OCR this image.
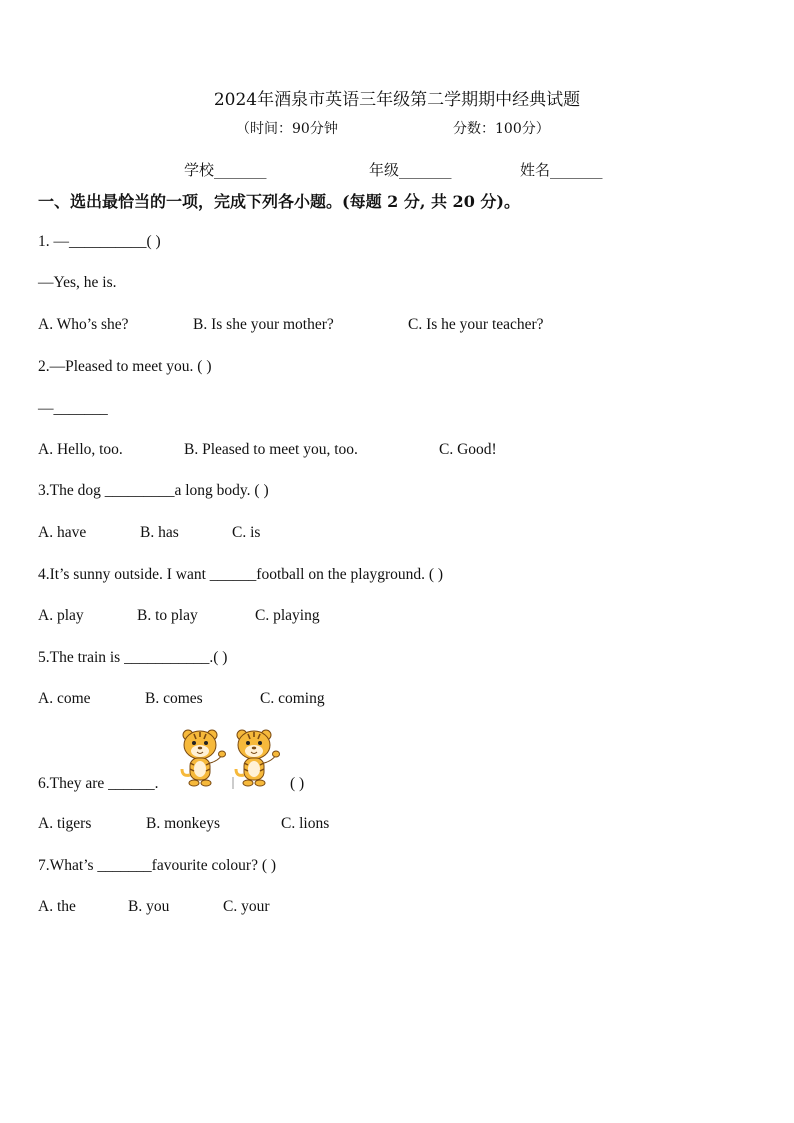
2024年酒泉市英语三年级第二学期期中经典试题
（时间：90分钟	分数：100分）
学校_______	年级_______	姓名_______
一、选出最恰当的一项，完成下列各小题。(每题 2 分, 共 20 分)。
1. —__________( )
—Yes, he is.
A. Who’s she?	B. Is she your mother?	C. Is he your teacher?
2.—Pleased to meet you. ( )
—_______
A. Hello, too.	B. Pleased to meet you, too.	C. Good!
3.The dog _________a long body. ( )
A. have	B. has	C. is
4.It’s sunny outside. I want ______football on the playground. ( )
A. play	B. to play	C. playing
5.The train is ___________.( )
A. come	B. comes	C. coming
6.They are ______.	( )
A. tigers	B. monkeys	C. lions
7.What’s _______favourite colour? ( )
A. the	B. you	C. your
